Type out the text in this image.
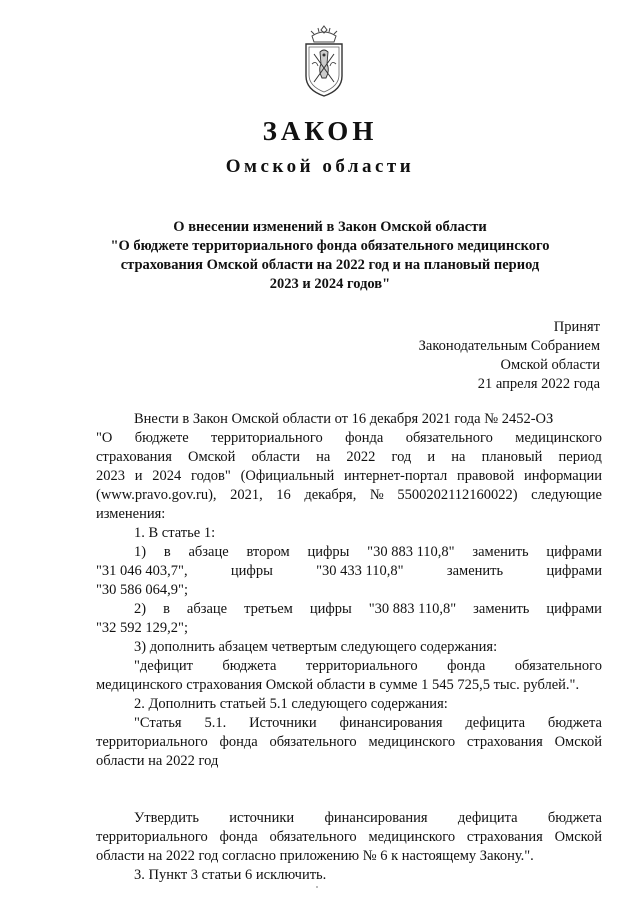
ЗАКОН
Омской области
О внесении изменений в Закон Омской области
"О бюджете территориального фонда обязательного медицинского
страхования Омской области на 2022 год и на плановый период
2023 и 2024 годов"
Принят
Законодательным Собранием
Омской области
21 апреля 2022 года
Внести в Закон Омской области от 16 декабря 2021 года № 2452-ОЗ
"О бюджете территориального фонда обязательного медицинского
страхования Омской области на 2022 год и на плановый период
2023 и 2024 годов" (Официальный интернет-портал правовой информации
(www.pravo.gov.ru), 2021, 16 декабря, № 5500202112160022) следующие
изменения:
1. В статье 1:
1) в абзаце втором цифры "30 883 110,8" заменить цифрами
"31 046 403,7",	цифры	"30 433 110,8"	заменить	цифрами
"30 586 064,9";
2) в абзаце третьем цифры "30 883 110,8" заменить цифрами
"32 592 129,2";
3) дополнить абзацем четвертым следующего содержания:
"дефицит бюджета территориального фонда обязательного
медицинского страхования Омской области в сумме 1 545 725,5 тыс. рублей.".
2. Дополнить статьей 5.1 следующего содержания:
"Статья 5.1. Источники финансирования дефицита бюджета
территориального фонда обязательного медицинского страхования Омской
области на 2022 год
Утвердить источники финансирования дефицита бюджета
территориального фонда обязательного медицинского страхования Омской
области на 2022 год согласно приложению № 6 к настоящему Закону.".
3. Пункт 3 статьи 6 исключить.
